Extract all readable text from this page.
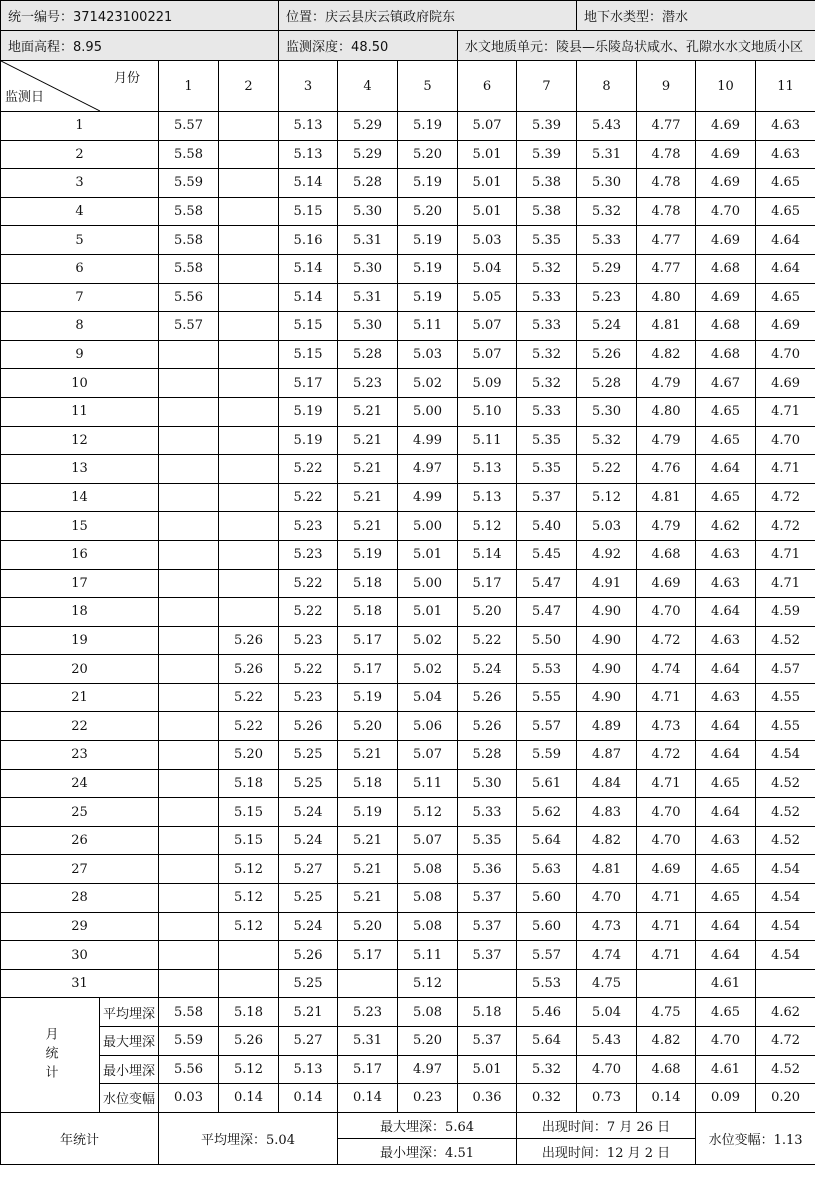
统一编号：371423100221				位置：庆云县庆云镇政府院东					地下水类型：潜水				
地面高程：8.95				监测深度：48.50			水文地质单元：陵县—乐陵岛状咸水、孔隙水水文地质小区						

月份
监测日		1	2	3	4	5	6	7	8	9	10	11	
1		5.57		5.13	5.29	5.19	5.07	5.39	5.43	4.77	4.69	4.63	
2		5.58		5.13	5.29	5.20	5.01	5.39	5.31	4.78	4.69	4.63	
3		5.59		5.14	5.28	5.19	5.01	5.38	5.30	4.78	4.69	4.65	
4		5.58		5.15	5.30	5.20	5.01	5.38	5.32	4.78	4.70	4.65	
5		5.58		5.16	5.31	5.19	5.03	5.35	5.33	4.77	4.69	4.64	
6		5.58		5.14	5.30	5.19	5.04	5.32	5.29	4.77	4.68	4.64	
7		5.56		5.14	5.31	5.19	5.05	5.33	5.23	4.80	4.69	4.65	
8		5.57		5.15	5.30	5.11	5.07	5.33	5.24	4.81	4.68	4.69	
9				5.15	5.28	5.03	5.07	5.32	5.26	4.82	4.68	4.70	
10				5.17	5.23	5.02	5.09	5.32	5.28	4.79	4.67	4.69	
11				5.19	5.21	5.00	5.10	5.33	5.30	4.80	4.65	4.71	
12				5.19	5.21	4.99	5.11	5.35	5.32	4.79	4.65	4.70	
13				5.22	5.21	4.97	5.13	5.35	5.22	4.76	4.64	4.71	
14				5.22	5.21	4.99	5.13	5.37	5.12	4.81	4.65	4.72	
15				5.23	5.21	5.00	5.12	5.40	5.03	4.79	4.62	4.72	
16				5.23	5.19	5.01	5.14	5.45	4.92	4.68	4.63	4.71	
17				5.22	5.18	5.00	5.17	5.47	4.91	4.69	4.63	4.71	
18				5.22	5.18	5.01	5.20	5.47	4.90	4.70	4.64	4.59	
19			5.26	5.23	5.17	5.02	5.22	5.50	4.90	4.72	4.63	4.52	
20			5.26	5.22	5.17	5.02	5.24	5.53	4.90	4.74	4.64	4.57	
21			5.22	5.23	5.19	5.04	5.26	5.55	4.90	4.71	4.63	4.55	
22			5.22	5.26	5.20	5.06	5.26	5.57	4.89	4.73	4.64	4.55	
23			5.20	5.25	5.21	5.07	5.28	5.59	4.87	4.72	4.64	4.54	
24			5.18	5.25	5.18	5.11	5.30	5.61	4.84	4.71	4.65	4.52	
25			5.15	5.24	5.19	5.12	5.33	5.62	4.83	4.70	4.64	4.52	
26			5.15	5.24	5.21	5.07	5.35	5.64	4.82	4.70	4.63	4.52	
27			5.12	5.27	5.21	5.08	5.36	5.63	4.81	4.69	4.65	4.54	
28			5.12	5.25	5.21	5.08	5.37	5.60	4.70	4.71	4.65	4.54	
29			5.12	5.24	5.20	5.08	5.37	5.60	4.73	4.71	4.64	4.54	
30				5.26	5.17	5.11	5.37	5.57	4.74	4.71	4.64	4.54	
31				5.25		5.12		5.53	4.75		4.61		
月统计	平均埋深	5.58	5.18	5.21	5.23	5.08	5.18	5.46	5.04	4.75	4.65	4.62	
	最大埋深	5.59	5.26	5.27	5.31	5.20	5.37	5.64	5.43	4.82	4.70	4.72	
	最小埋深	5.56	5.12	5.13	5.17	4.97	5.01	5.32	4.70	4.68	4.61	4.52	
	水位变幅	0.03	0.14	0.14	0.14	0.23	0.36	0.32	0.73	0.14	0.09	0.20	
年统计		平均埋深：5.04			最大埋深：5.64			出现时间：7 月 26 日			水位变幅：1.13		
					最小埋深：4.51			出现时间：12 月 2 日					
